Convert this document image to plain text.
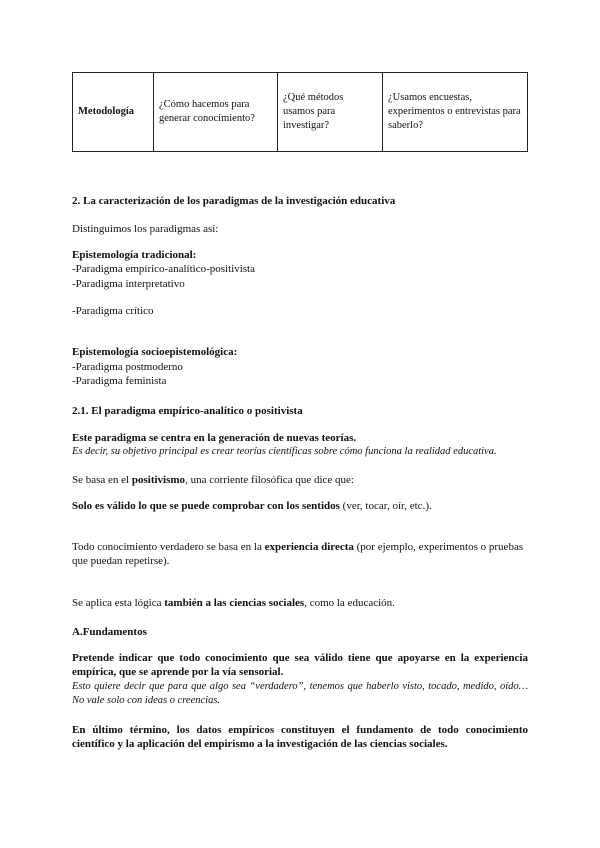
Metodología	¿Cómo hacemos para generar conocimiento?	¿Qué métodos usamos para investigar?	¿Usamos encuestas, experimentos o entrevistas para saberlo?
2. La caracterización de los paradigmas de la investigación educativa
Distinguimos los paradigmas así:
Epistemología tradicional:
-Paradigma empírico-analítico-positivista
-Paradigma interpretativo
-Paradigma crítico
Epistemología socioepistemológica:
-Paradigma postmoderno
-Paradigma feminista
2.1. El paradigma empírico-analítico o positivista
Este paradigma se centra en la generación de nuevas teorías.
Es decir, su objetivo principal es crear teorías científicas sobre cómo funciona la realidad educativa.
Se basa en el positivismo, una corriente filosófica que dice que:
Solo es válido lo que se puede comprobar con los sentidos (ver, tocar, oír, etc.).
Todo conocimiento verdadero se basa en la experiencia directa (por ejemplo, experimentos o pruebas que puedan repetirse).
Se aplica esta lógica también a las ciencias sociales, como la educación.
A.Fundamentos
Pretende indicar que todo conocimiento que sea válido tiene que apoyarse en la experiencia empírica, que se aprende por la vía sensorial.
Esto quiere decir que para que algo sea “verdadero”, tenemos que haberlo visto, tocado, medido, oído… No vale solo con ideas o creencias.
En último término, los datos empíricos constituyen el fundamento de todo conocimiento científico y la aplicación del empirismo a la investigación de las ciencias sociales.
